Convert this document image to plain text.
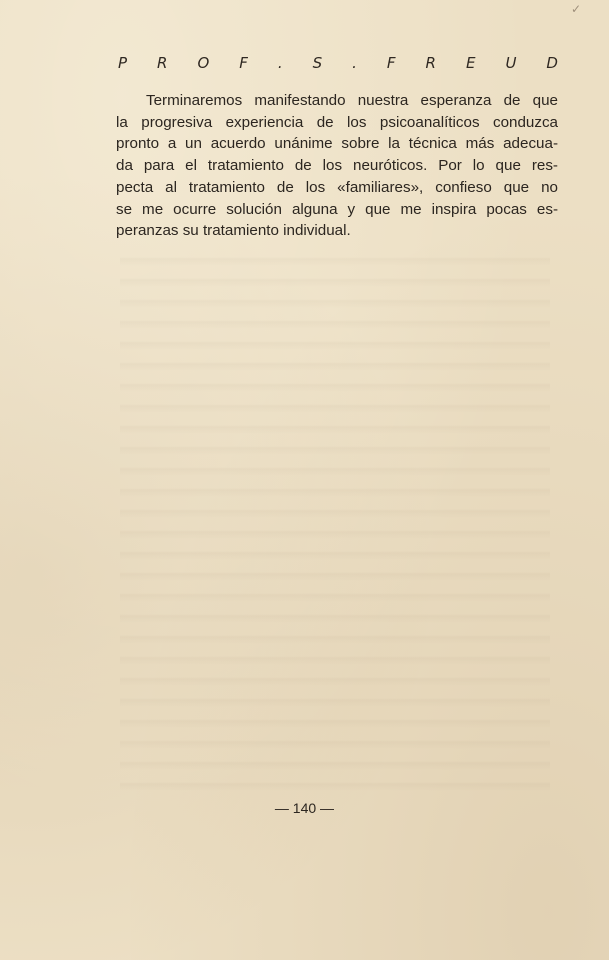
✓
P R O F . S . F R E U D

Terminaremos manifestando nuestra esperanza de que
la progresiva experiencia de los psicoanalíticos conduzca
pronto a un acuerdo unánime sobre la técnica más adecua-
da para el tratamiento de los neuróticos. Por lo que res-
pecta al tratamiento de los «familiares», confieso que no
se me ocurre solución alguna y que me inspira pocas es-
peranzas su tratamiento individual.

— 140 —
